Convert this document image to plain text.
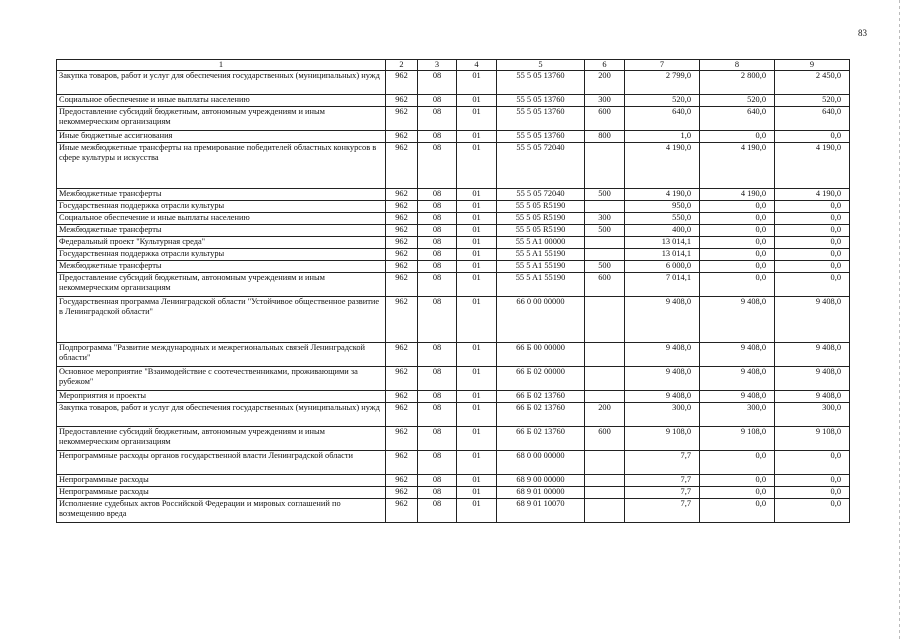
83
1	2	3	4	5	6	7	8	9
Закупка товаров, работ и услуг для обеспечения государственных (муниципальных) нужд	962	08	01	55 5 05 13760	200	2 799,0	2 800,0	2 450,0
Социальное обеспечение и иные выплаты населению	962	08	01	55 5 05 13760	300	520,0	520,0	520,0
Предоставление субсидий бюджетным, автономным учреждениям и иным некоммерческим организациям	962	08	01	55 5 05 13760	600	640,0	640,0	640,0
Иные бюджетные ассигнования	962	08	01	55 5 05 13760	800	1,0	0,0	0,0
Иные межбюджетные трансферты на премирование победителей областных конкурсов в сфере культуры и искусства	962	08	01	55 5 05 72040		4 190,0	4 190,0	4 190,0
Межбюджетные трансферты	962	08	01	55 5 05 72040	500	4 190,0	4 190,0	4 190,0
Государственная поддержка отрасли культуры	962	08	01	55 5 05 R5190		950,0	0,0	0,0
Социальное обеспечение и иные выплаты населению	962	08	01	55 5 05 R5190	300	550,0	0,0	0,0
Межбюджетные трансферты	962	08	01	55 5 05 R5190	500	400,0	0,0	0,0
Федеральный проект "Культурная среда"	962	08	01	55 5 A1 00000		13 014,1	0,0	0,0
Государственная поддержка отрасли культуры	962	08	01	55 5 A1 55190		13 014,1	0,0	0,0
Межбюджетные трансферты	962	08	01	55 5 A1 55190	500	6 000,0	0,0	0,0
Предоставление субсидий бюджетным, автономным учреждениям и иным некоммерческим организациям	962	08	01	55 5 A1 55190	600	7 014,1	0,0	0,0
Государственная программа Ленинградской области "Устойчивое общественное развитие в Ленинградской области"	962	08	01	66 0 00 00000		9 408,0	9 408,0	9 408,0
Подпрограмма "Развитие международных и межрегиональных связей Ленинградской области"	962	08	01	66 Б 00 00000		9 408,0	9 408,0	9 408,0
Основное мероприятие "Взаимодействие с соотечественниками, проживающими за рубежом"	962	08	01	66 Б 02 00000		9 408,0	9 408,0	9 408,0
Мероприятия и проекты	962	08	01	66 Б 02 13760		9 408,0	9 408,0	9 408,0
Закупка товаров, работ и услуг для обеспечения государственных (муниципальных) нужд	962	08	01	66 Б 02 13760	200	300,0	300,0	300,0
Предоставление субсидий бюджетным, автономным учреждениям и иным некоммерческим организациям	962	08	01	66 Б 02 13760	600	9 108,0	9 108,0	9 108,0
Непрограммные расходы органов государственной власти Ленинградской области	962	08	01	68 0 00 00000		7,7	0,0	0,0
Непрограммные расходы	962	08	01	68 9 00 00000		7,7	0,0	0,0
Непрограммные расходы	962	08	01	68 9 01 00000		7,7	0,0	0,0
Исполнение судебных актов Российской Федерации и мировых соглашений по возмещению вреда	962	08	01	68 9 01 10070		7,7	0,0	0,0
